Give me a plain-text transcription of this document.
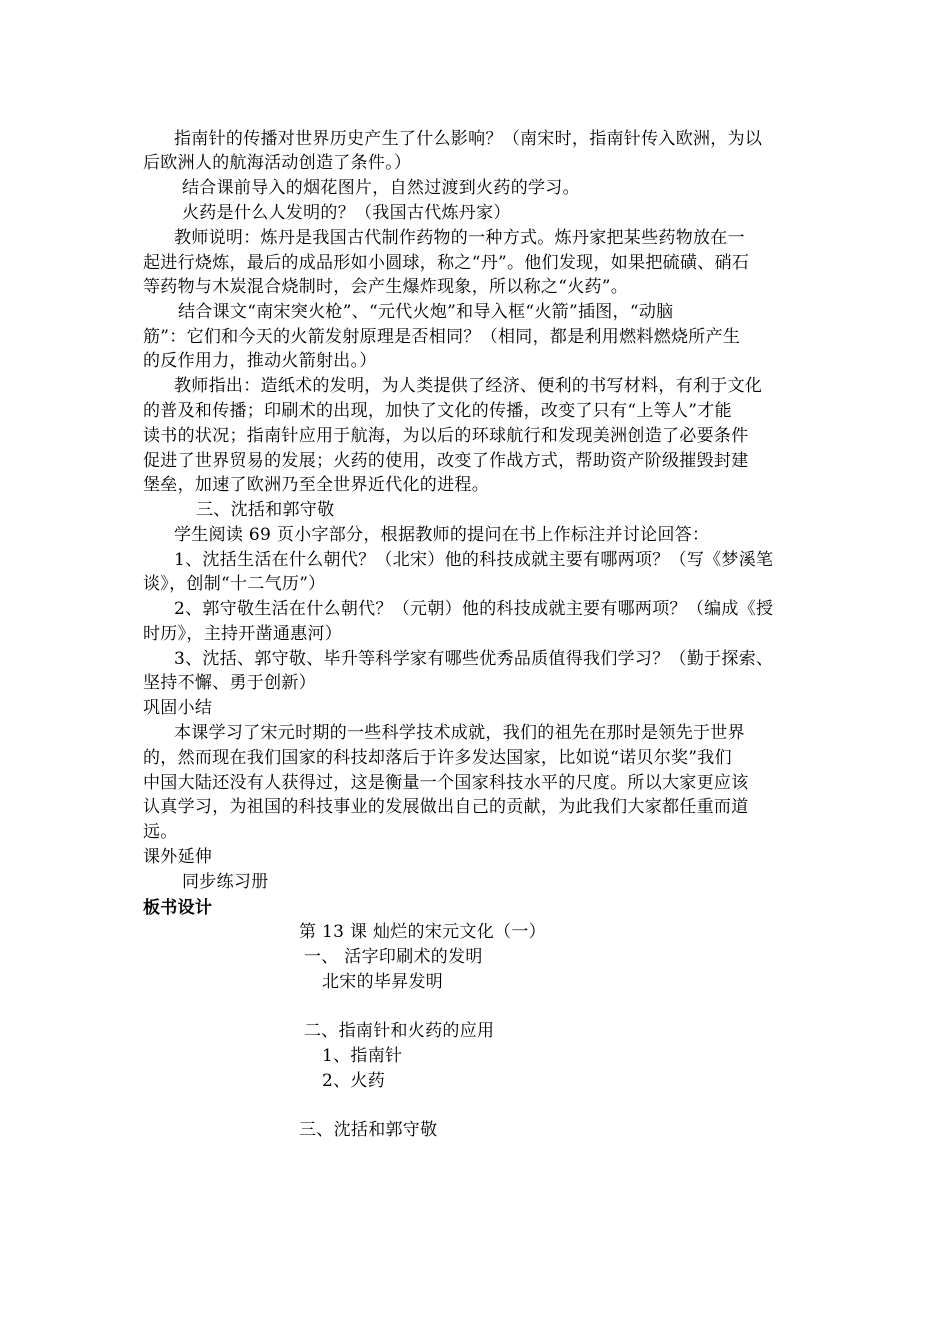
指南针的传播对世界历史产生了什么影响？（南宋时，指南针传入欧洲，为以
后欧洲人的航海活动创造了条件。）
结合课前导入的烟花图片，自然过渡到火药的学习。
火药是什么人发明的？（我国古代炼丹家）
教师说明：炼丹是我国古代制作药物的一种方式。炼丹家把某些药物放在一
起进行烧炼，最后的成品形如小圆球，称之“丹”。他们发现，如果把硫磺、硝石
等药物与木炭混合烧制时，会产生爆炸现象，所以称之“火药”。
结合课文“南宋突火枪”、“元代火炮”和导入框“火箭”插图，“动脑
筋”：它们和今天的火箭发射原理是否相同？（相同，都是利用燃料燃烧所产生
的反作用力，推动火箭射出。）
教师指出：造纸术的发明，为人类提供了经济、便利的书写材料，有利于文化
的普及和传播；印刷术的出现，加快了文化的传播，改变了只有“上等人”才能
读书的状况；指南针应用于航海，为以后的环球航行和发现美洲创造了必要条件
促进了世界贸易的发展；火药的使用，改变了作战方式，帮助资产阶级摧毁封建
堡垒，加速了欧洲乃至全世界近代化的进程。
三、沈括和郭守敬
学生阅读 69 页小字部分，根据教师的提问在书上作标注并讨论回答：
1、沈括生活在什么朝代？（北宋）他的科技成就主要有哪两项？（写《梦溪笔
谈》，创制“十二气历”）
2、郭守敬生活在什么朝代？（元朝）他的科技成就主要有哪两项？（编成《授
时历》，主持开凿通惠河）
3、沈括、郭守敬、毕升等科学家有哪些优秀品质值得我们学习？（勤于探索、
坚持不懈、勇于创新）
巩固小结
本课学习了宋元时期的一些科学技术成就，我们的祖先在那时是领先于世界
的，然而现在我们国家的科技却落后于许多发达国家，比如说“诺贝尔奖”我们
中国大陆还没有人获得过，这是衡量一个国家科技水平的尺度。所以大家更应该
认真学习，为祖国的科技事业的发展做出自己的贡献，为此我们大家都任重而道
远。
课外延伸
同步练习册
板书设计
第 13 课 灿烂的宋元文化（一）
一、 活字印刷术的发明
北宋的毕昇发明
二、指南针和火药的应用
1、指南针
2、火药
三、沈括和郭守敬
